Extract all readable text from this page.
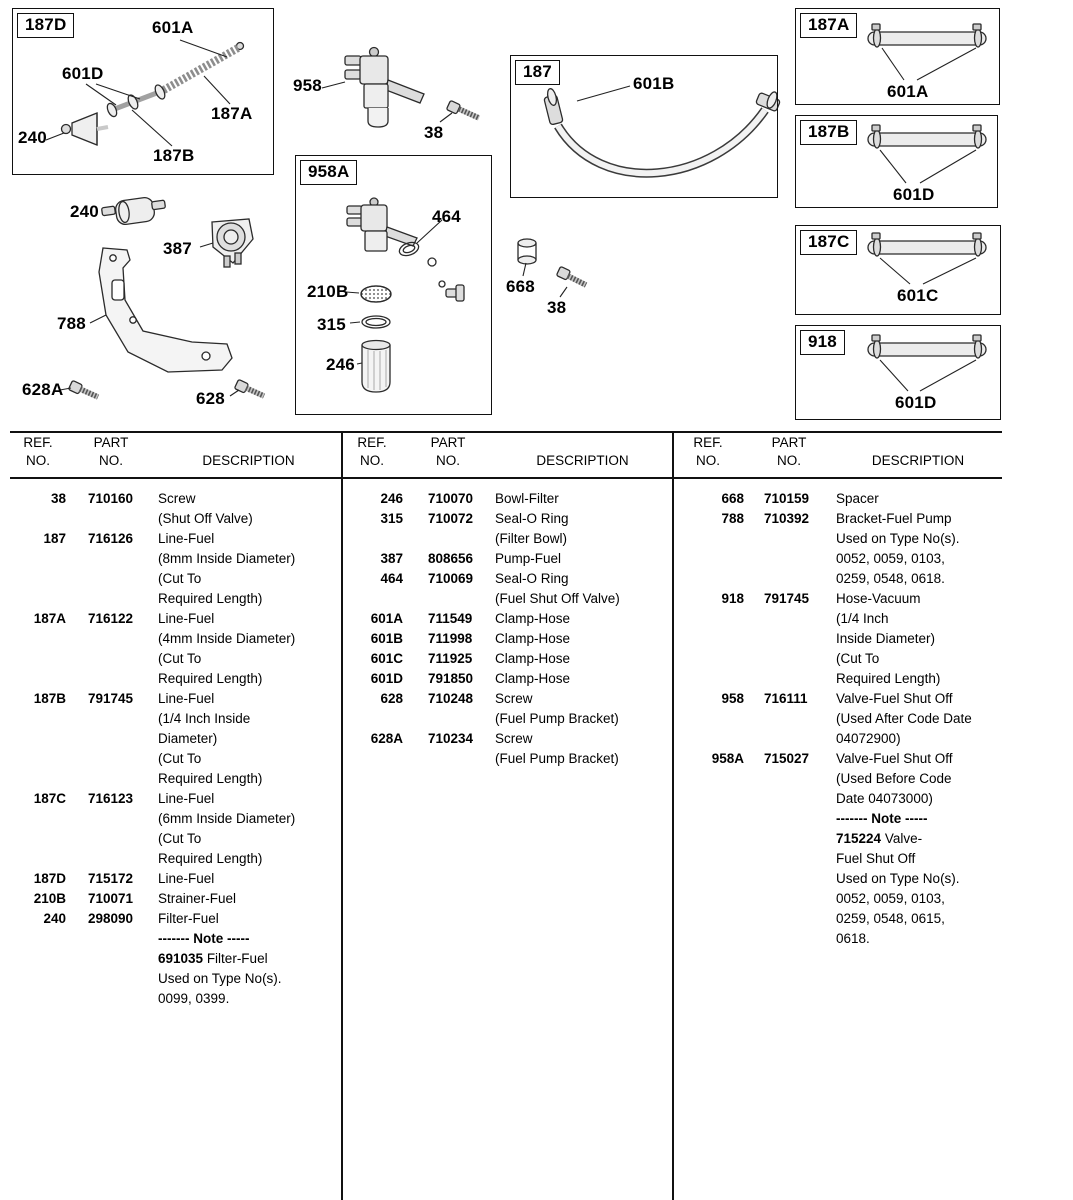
187D
187
187A
187B
187C
918
958A
601A
601D
187A
240
187B
958
38
601B	601A
601D
601C
601D
240
387
788
628A	628
464
210B
315
246
668
38
REF.	PART
NO.	NO.	DESCRIPTION
38	710160	Screw
(Shut Off Valve)
187	716126	Line-Fuel
(8mm Inside Diameter)
(Cut To
Required Length)
187A	716122	Line-Fuel
(4mm Inside Diameter)
(Cut To
Required Length)
187B	791745	Line-Fuel
(1/4 Inch Inside
Diameter)
(Cut To
Required Length)
187C	716123	Line-Fuel
(6mm Inside Diameter)
(Cut To
Required Length)
187D	715172	Line-Fuel
210B	710071	Strainer-Fuel
240	298090	Filter-Fuel
------- Note -----
691035 Filter-Fuel
Used on Type No(s).
0099, 0399.
REF.	PART
NO.	NO.	DESCRIPTION
246	710070	Bowl-Filter
315	710072	Seal-O Ring
(Filter Bowl)
387	808656	Pump-Fuel
464	710069	Seal-O Ring
(Fuel Shut Off Valve)
601A	711549	Clamp-Hose
601B	711998	Clamp-Hose
601C	711925	Clamp-Hose
601D	791850	Clamp-Hose
628	710248	Screw
(Fuel Pump Bracket)
628A	710234	Screw
(Fuel Pump Bracket)
REF.	PART
NO.	NO.	DESCRIPTION
668	710159	Spacer
788	710392	Bracket-Fuel Pump
Used on Type No(s).
0052, 0059, 0103,
0259, 0548, 0618.
918	791745	Hose-Vacuum
(1/4 Inch
Inside Diameter)
(Cut To
Required Length)
958	716111	Valve-Fuel Shut Off
(Used After Code Date
04072900)
958A	715027	Valve-Fuel Shut Off
(Used Before Code
Date 04073000)
------- Note -----
715224 Valve-
Fuel Shut Off
Used on Type No(s).
0052, 0059, 0103,
0259, 0548, 0615,
0618.
